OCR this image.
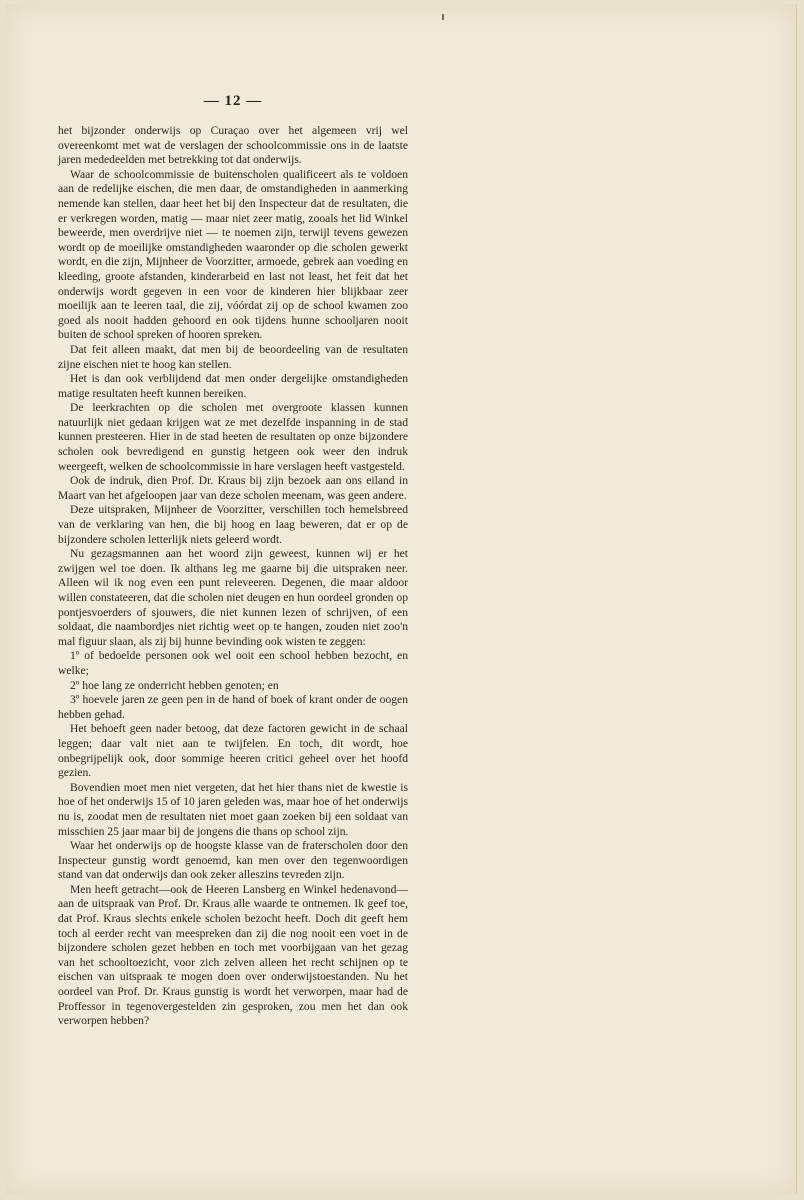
— 12 —

het bijzonder onderwijs op Curaçao over het algemeen vrij wel overeenkomt met wat de verslagen der schoolcommissie ons in de laatste jaren mededeelden met betrekking tot dat onderwijs.

Waar de schoolcommissie de buitenscholen qualificeert als te voldoen aan de redelijke eischen, die men daar, de omstandigheden in aanmerking nemende kan stellen, daar heet het bij den Inspecteur dat de resultaten, die er verkregen worden, matig — maar niet zeer matig, zooals het lid Winkel beweerde, men overdrijve niet — te noemen zijn, terwijl tevens gewezen wordt op de moeilijke omstandigheden waaronder op die scholen gewerkt wordt, en die zijn, Mijnheer de Voorzitter, armoede, gebrek aan voeding en kleeding, groote afstanden, kinderarbeid en last not least, het feit dat het onderwijs wordt gegeven in een voor de kinderen hier blijkbaar zeer moeilijk aan te leeren taal, die zij, vóórdat zij op de school kwamen zoo goed als nooit hadden gehoord en ook tijdens hunne schooljaren nooit buiten de school spreken of hooren spreken.

Dat feit alleen maakt, dat men bij de beoordeeling van de resultaten zijne eischen niet te hoog kan stellen.

Het is dan ook verblijdend dat men onder dergelijke omstandigheden matige resultaten heeft kunnen bereiken.

De leerkrachten op die scholen met overgroote klassen kunnen natuurlijk niet gedaan krijgen wat ze met dezelfde inspanning in de stad kunnen presteeren. Hier in de stad heeten de resultaten op onze bijzondere scholen ook bevredigend en gunstig hetgeen ook weer den indruk weergeeft, welken de schoolcommissie in hare verslagen heeft vastgesteld.

Ook de indruk, dien Prof. Dr. Kraus bij zijn bezoek aan ons eiland in Maart van het afgeloopen jaar van deze scholen meenam, was geen andere.

Deze uitspraken, Mijnheer de Voorzitter, verschillen toch hemelsbreed van de verklaring van hen, die bij hoog en laag beweren, dat er op de bijzondere scholen letterlijk niets geleerd wordt.

Nu gezagsmannen aan het woord zijn geweest, kunnen wij er het zwijgen wel toe doen. Ik althans leg me gaarne bij die uitspraken neer. Alleen wil ik nog even een punt releveeren. Degenen, die maar aldoor willen constateeren, dat die scholen niet deugen en hun oordeel gronden op pontjesvoerders of sjouwers, die niet kunnen lezen of schrijven, of een soldaat, die naambordjes niet richtig weet op te hangen, zouden niet zoo'n mal figuur slaan, als zij bij hunne bevinding ook wisten te zeggen:

1º of bedoelde personen ook wel ooit een school hebben bezocht, en welke;

2º hoe lang ze onderricht hebben genoten; en

3º hoevele jaren ze geen pen in de hand of boek of krant onder de oogen hebben gehad.

Het behoeft geen nader betoog, dat deze factoren gewicht in de schaal leggen; daar valt niet aan te twijfelen. En toch, dit wordt, hoe onbegrijpelijk ook, door sommige heeren critici geheel over het hoofd gezien.

Bovendien moet men niet vergeten, dat het hier thans niet de kwestie is hoe of het onderwijs 15 of 10 jaren geleden was, maar hoe of het onderwijs nu is, zoodat men de resultaten niet moet gaan zoeken bij een soldaat van misschien 25 jaar maar bij de jongens die thans op school zijn.

Waar het onderwijs op de hoogste klasse van de fraterscholen door den Inspecteur gunstig wordt genoemd, kan men over den tegenwoordigen stand van dat onderwijs dan ook zeker alleszins tevreden zijn.

Men heeft getracht—ook de Heeren Lansberg en Winkel hedenavond—aan de uitspraak van Prof. Dr. Kraus alle waarde te ontnemen. Ik geef toe, dat Prof. Kraus slechts enkele scholen bezocht heeft. Doch dit geeft hem toch al eerder recht van meespreken dan zij die nog nooit een voet in de bijzondere scholen gezet hebben en toch met voorbijgaan van het gezag van het schooltoezicht, voor zich zelven alleen het recht schijnen op te eischen van uitspraak te mogen doen over onderwijstoestanden. Nu het oordeel van Prof. Dr. Kraus gunstig is wordt het verworpen, maar had de Proffessor in tegenovergestelden zin gesproken, zou men het dan ook verworpen hebben?
